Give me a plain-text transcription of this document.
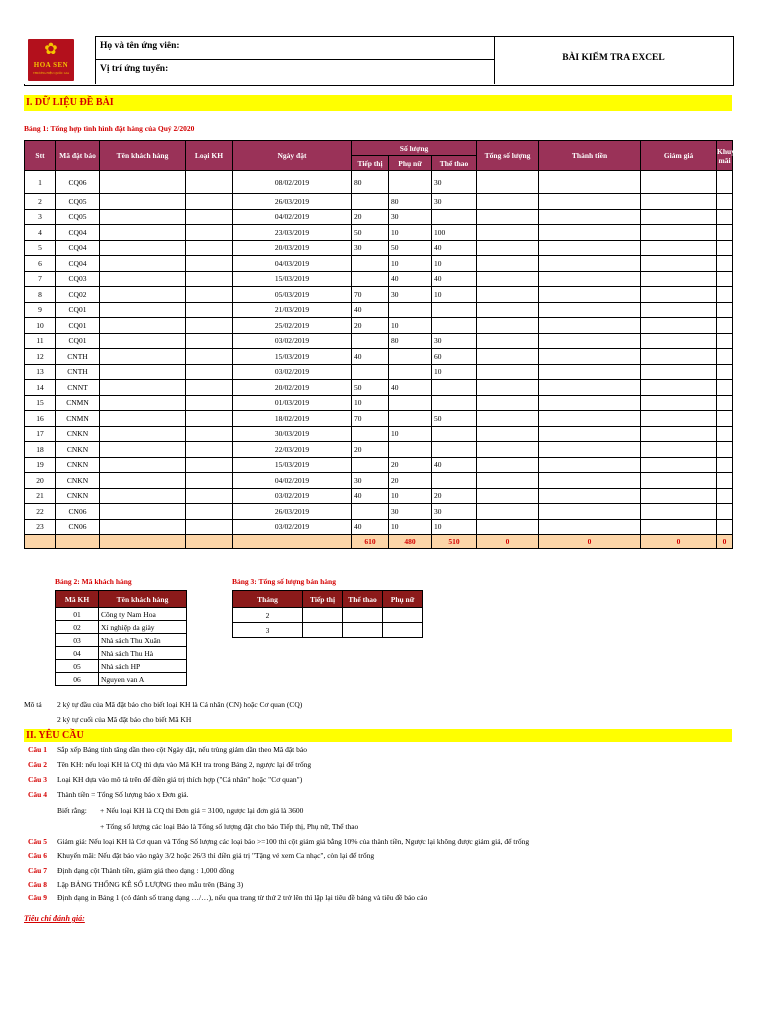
✿
HOA SEN
THƯƠNG HIỆU QUỐC GIA
Họ và tên ứng viên:
Vị trí ứng tuyển:
BÀI KIỂM TRA EXCEL
I. DỮ LIỆU ĐỀ BÀI
Bảng 1: Tổng hợp tình hình đặt hàng của Quý 2/2020
Stt	Mã đặt báo	Tên khách hàng	Loại KH	Ngày đặt	Số lượng			Tổng số lượng	Thành tiền	Giảm giá	Khuyến mãi
					Tiếp thị	Phụ nữ	Thể thao				
1	CQ06			08/02/2019	80		30				
2	CQ05			26/03/2019		80	30				
3	CQ05			04/02/2019	20	30					
4	CQ04			23/03/2019	50	10	100				
5	CQ04			20/03/2019	30	50	40				
6	CQ04			04/03/2019		10	10				
7	CQ03			15/03/2019		40	40				
8	CQ02			05/03/2019	70	30	10				
9	CQ01			21/03/2019	40						
10	CQ01			25/02/2019	20	10					
11	CQ01			03/02/2019		80	30				
12	CNTH			15/03/2019	40		60				
13	CNTH			03/02/2019			10				
14	CNNT			20/02/2019	50	40					
15	CNMN			01/03/2019	10						
16	CNMN			18/02/2019	70		50				
17	CNKN			30/03/2019		10					
18	CNKN			22/03/2019	20						
19	CNKN			15/03/2019		20	40				
20	CNKN			04/02/2019	30	20					
21	CNKN			03/02/2019	40	10	20				
22	CN06			26/03/2019		30	30				
23	CN06			03/02/2019	40	10	10				
					610	480	510	0	0	0	0
Bảng 2: Mã khách hàng
Mã KH	Tên khách hàng
01	Công ty Nam Hoa
02	Xí nghiệp da giày
03	Nhà sách Thu Xuân
04	Nhà sách Thu Hà
05	Nhà sách HP
06	Nguyen van A
Bảng 3: Tổng số lượng bán hàng
Tháng	Tiếp thị	Thể thao	Phụ nữ
2			
3			
Mô tả 2 ký tự đầu của Mã đặt báo cho biết loại KH là Cá nhân (CN) hoặc Cơ quan (CQ)
2 ký tự cuối của Mã đặt báo cho biết Mã KH
II. YÊU CẦU
Câu 1 Sắp xếp Bảng tính tăng dần theo cột Ngày đặt, nếu trùng giảm dần theo Mã đặt báo
Câu 2 Tên KH: nếu loại KH là CQ thì dựa vào Mã KH tra trong Bảng 2, ngược lại để trống
Câu 3 Loại KH dựa vào mô tả trên để điền giá trị thích hợp ("Cá nhân" hoặc "Cơ quan")
Câu 4 Thành tiền = Tổng Số lượng báo x Đơn giá.
Biết rằng: + Nếu loại KH là CQ thì Đơn giá = 3100, ngược lại đơn giá là 3600
+ Tổng số lượng các loại Báo là Tổng số lượng đặt cho báo Tiếp thị, Phụ nữ, Thể thao
Câu 5 Giảm giá: Nếu loại KH là Cơ quan và Tổng Số lượng các loại báo >=100 thì cột giảm giá bằng 10% của thành tiền, Ngược lại không được giảm giá, để trống
Câu 6 Khuyến mãi: Nếu đặt báo vào ngày 3/2 hoặc 26/3 thì điền giá trị "Tặng vé xem Ca nhạc", còn lại để trống
Câu 7 Định dạng cột Thành tiền, giảm giá theo dạng : 1,000 đồng
Câu 8 Lập BẢNG THỐNG KÊ SỐ LƯỢNG theo mẫu trên (Bảng 3)
Câu 9 Định dạng in Bảng 1 (có đánh số trang dạng …/…), nếu qua trang từ thứ 2 trở lên thì lặp lại tiêu đề bảng và tiêu đề báo cáo
Tiêu chí đánh giá:
